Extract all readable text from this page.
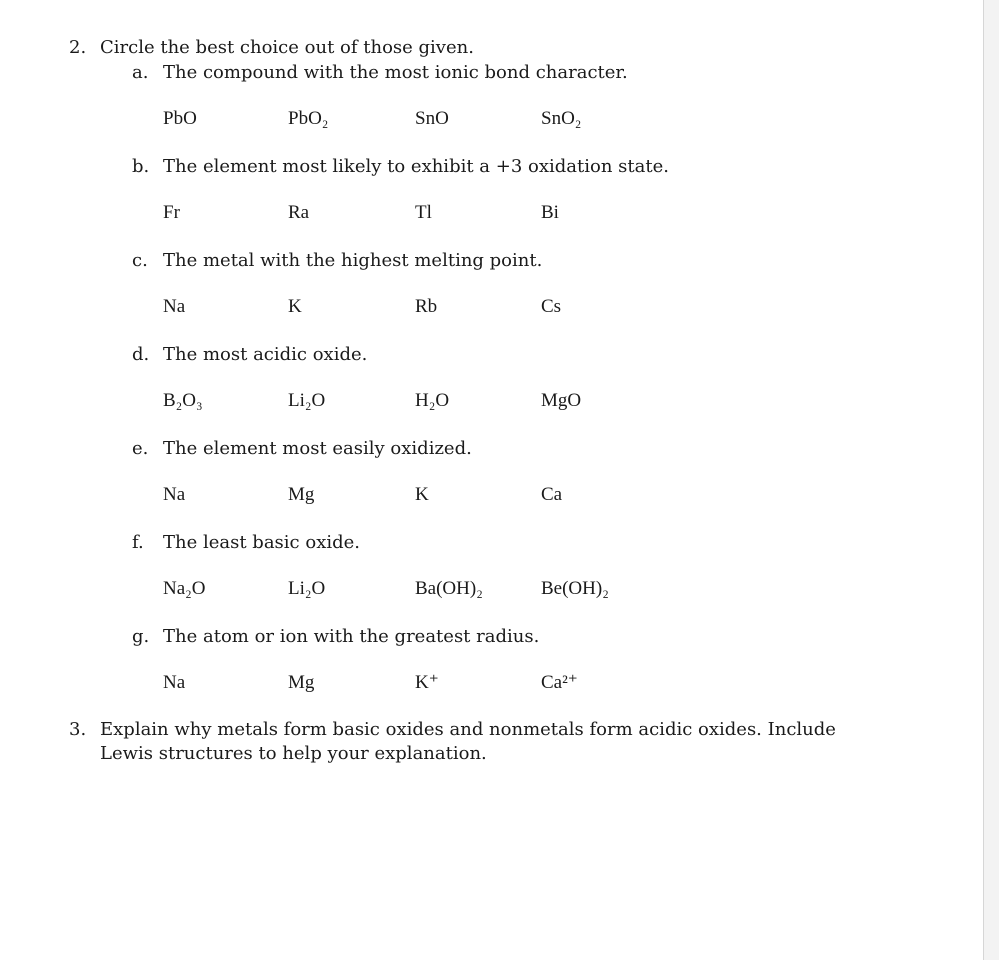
2. Circle the best choice out of those given.
a. The compound with the most ionic bond character.
PbO	PbO₂	SnO	SnO₂
b. The element most likely to exhibit a +3 oxidation state.
Fr	Ra	Tl	Bi
c. The metal with the highest melting point.
Na	K	Rb	Cs
d. The most acidic oxide.
B₂O₃	Li₂O	H₂O	MgO
e. The element most easily oxidized.
Na	Mg	K	Ca
f. The least basic oxide.
Na₂O	Li₂O	Ba(OH)₂	Be(OH)₂
g. The atom or ion with the greatest radius.
Na	Mg	K⁺	Ca²⁺
3. Explain why metals form basic oxides and nonmetals form acidic oxides. Include Lewis structures to help your explanation.
